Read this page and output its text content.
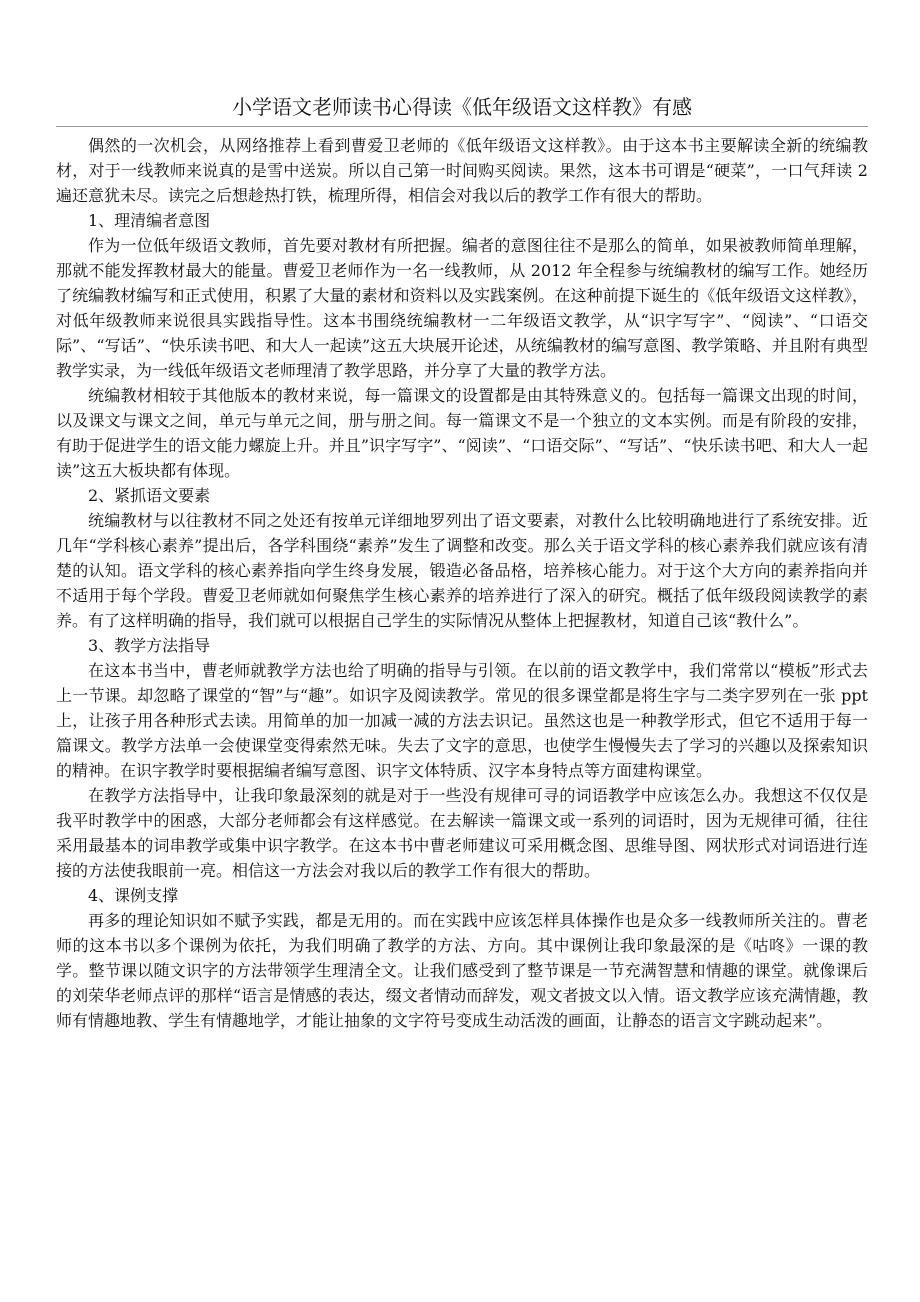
小学语文老师读书心得读《低年级语文这样教》有感

偶然的一次机会，从网络推荐上看到曹爱卫老师的《低年级语文这样教》。由于这本书主要解读全新的统编教材，对于一线教师来说真的是雪中送炭。所以自己第一时间购买阅读。果然，这本书可谓是“硬菜”，一口气拜读 2 遍还意犹未尽。读完之后想趁热打铁，梳理所得，相信会对我以后的教学工作有很大的帮助。

1、理清编者意图

作为一位低年级语文教师，首先要对教材有所把握。编者的意图往往不是那么的简单，如果被教师简单理解，那就不能发挥教材最大的能量。曹爱卫老师作为一名一线教师，从 2012 年全程参与统编教材的编写工作。她经历了统编教材编写和正式使用，积累了大量的素材和资料以及实践案例。在这种前提下诞生的《低年级语文这样教》，对低年级教师来说很具实践指导性。这本书围绕统编教材一二年级语文教学，从“识字写字”、“阅读”、“口语交际”、“写话”、“快乐读书吧、和大人一起读”这五大块展开论述，从统编教材的编写意图、教学策略、并且附有典型教学实录，为一线低年级语文老师理清了教学思路，并分享了大量的教学方法。

统编教材相较于其他版本的教材来说，每一篇课文的设置都是由其特殊意义的。包括每一篇课文出现的时间，以及课文与课文之间，单元与单元之间，册与册之间。每一篇课文不是一个独立的文本实例。而是有阶段的安排，有助于促进学生的语文能力螺旋上升。并且”识字写字”、“阅读”、“口语交际”、“写话”、“快乐读书吧、和大人一起读”这五大板块都有体现。

2、紧抓语文要素

统编教材与以往教材不同之处还有按单元详细地罗列出了语文要素，对教什么比较明确地进行了系统安排。近几年“学科核心素养”提出后，各学科围绕“素养”发生了调整和改变。那么关于语文学科的核心素养我们就应该有清楚的认知。语文学科的核心素养指向学生终身发展，锻造必备品格，培养核心能力。对于这个大方向的素养指向并不适用于每个学段。曹爱卫老师就如何聚焦学生核心素养的培养进行了深入的研究。概括了低年级段阅读教学的素养。有了这样明确的指导，我们就可以根据自己学生的实际情况从整体上把握教材，知道自己该“教什么”。

3、教学方法指导

在这本书当中，曹老师就教学方法也给了明确的指导与引领。在以前的语文教学中，我们常常以“模板”形式去上一节课。却忽略了课堂的“智”与“趣”。如识字及阅读教学。常见的很多课堂都是将生字与二类字罗列在一张 ppt 上，让孩子用各种形式去读。用简单的加一加减一减的方法去识记。虽然这也是一种教学形式，但它不适用于每一篇课文。教学方法单一会使课堂变得索然无味。失去了文字的意思，也使学生慢慢失去了学习的兴趣以及探索知识的精神。在识字教学时要根据编者编写意图、识字文体特质、汉字本身特点等方面建构课堂。

在教学方法指导中，让我印象最深刻的就是对于一些没有规律可寻的词语教学中应该怎么办。我想这不仅仅是我平时教学中的困惑，大部分老师都会有这样感觉。在去解读一篇课文或一系列的词语时，因为无规律可循，往往采用最基本的词串教学或集中识字教学。在这本书中曹老师建议可采用概念图、思维导图、网状形式对词语进行连接的方法使我眼前一亮。相信这一方法会对我以后的教学工作有很大的帮助。

4、课例支撑

再多的理论知识如不赋予实践，都是无用的。而在实践中应该怎样具体操作也是众多一线教师所关注的。曹老师的这本书以多个课例为依托，为我们明确了教学的方法、方向。其中课例让我印象最深的是《咕咚》一课的教学。整节课以随文识字的方法带领学生理清全文。让我们感受到了整节课是一节充满智慧和情趣的课堂。就像课后的刘荣华老师点评的那样“语言是情感的表达，缀文者情动而辞发，观文者披文以入情。语文教学应该充满情趣，教师有情趣地教、学生有情趣地学，才能让抽象的文字符号变成生动活泼的画面，让静态的语言文字跳动起来”。
